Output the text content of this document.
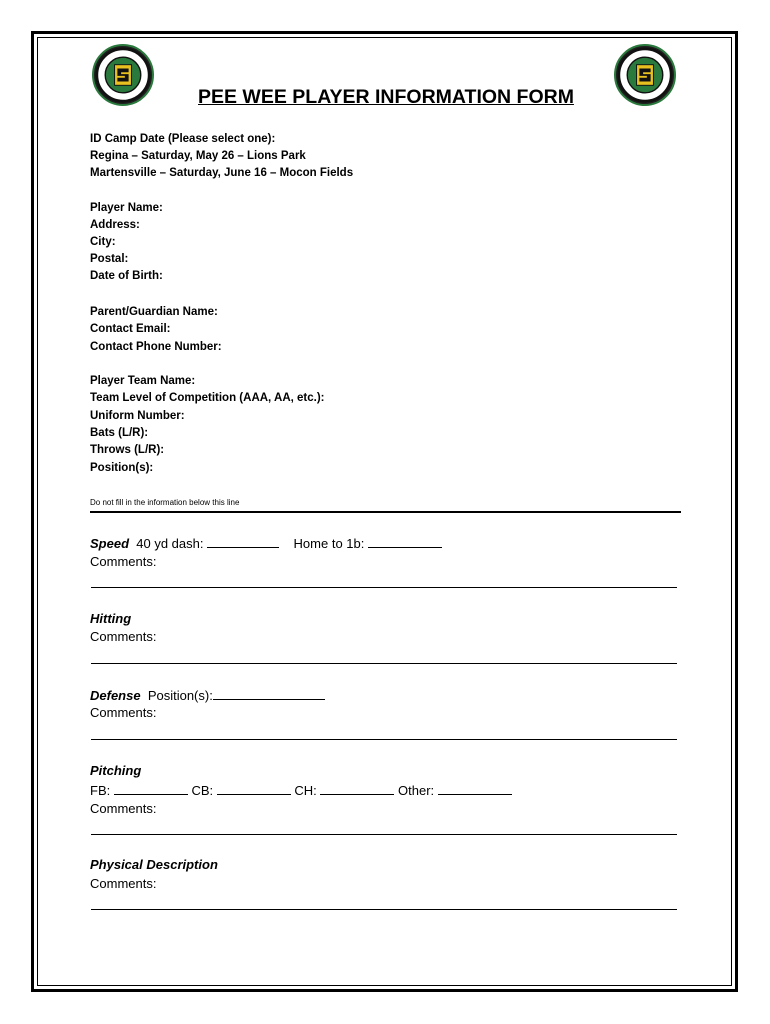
PEE WEE PLAYER INFORMATION FORM
ID Camp Date (Please select one):
Regina – Saturday, May 26 – Lions Park
Martensville – Saturday, June 16 – Mocon Fields
Player Name:
Address:
City:
Postal:
Date of Birth:
Parent/Guardian Name:
Contact Email:
Contact Phone Number:
Player Team Name:
Team Level of Competition (AAA, AA, etc.):
Uniform Number:
Bats (L/R):
Throws (L/R):
Position(s):
Do not fill in the information below this line
Speed 40 yd dash:	Home to 1b:
Comments:
Hitting
Comments:
Defense Position(s):
Comments:
Pitching
FB:	CB:	CH:	Other:
Comments:
Physical Description
Comments:
